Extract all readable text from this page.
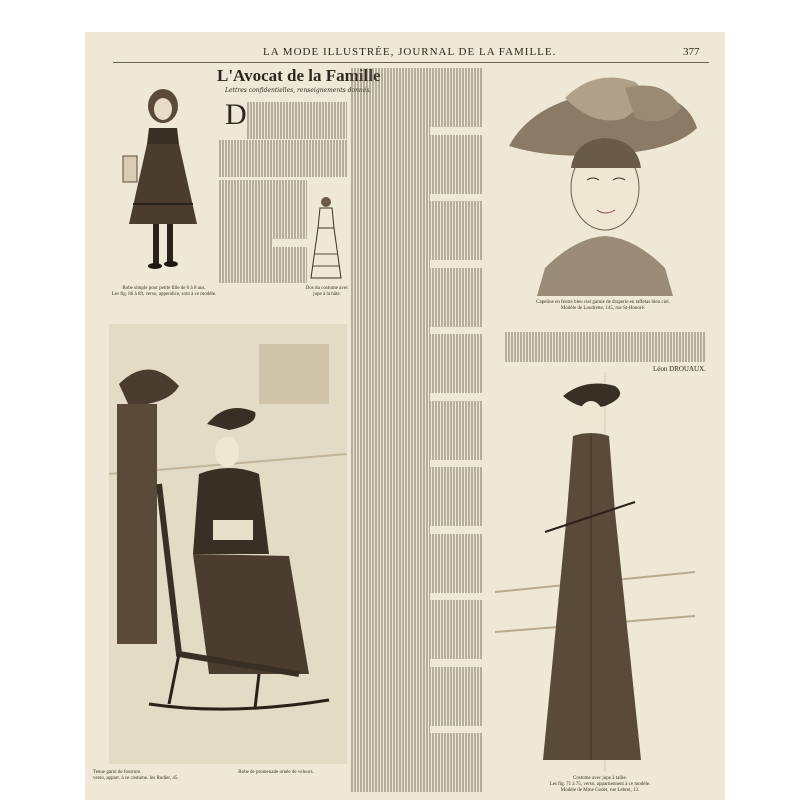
LA MODE ILLUSTRÉE, JOURNAL DE LA FAMILLE.	377
L'Avocat de la Famille
Lettres confidentielles, renseignements donnés.
D
Robe simple pour petite fille de 6 à 8 ans.
Les fig. 86 à 89, verso, appendice, sont à ce modèle.
Dos du costume avec jupe à la hâte.
Capeline en feutre bleu ciel garnie de draperie en taffetas bleu ciel.
Modèle de Loudrette, 145, rue St-Honoré.
Tenue garni de fourrure.
verso, appart. à ce costume. les Rodier, 45.
Robe de promenade ornée de velours.
Costume avec jupe à taille.
Les fig. 71 à 75, verso, appartiennent à ce modèle.
Modèle de Mme Godet, rue Lebret, 13.
Léon DROUAUX.
